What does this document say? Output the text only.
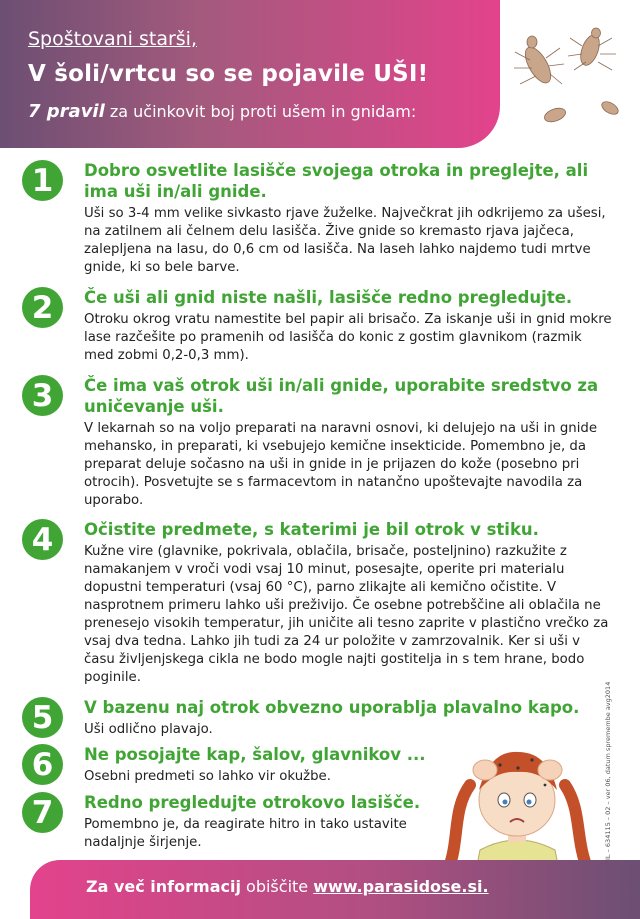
Spoštovani starši,
V šoli/vrtcu so se pojavile UŠI!
7 pravil za učinkovit boj proti ušem in gnidam:
1	Dobro osvetlite lasišče svojega otroka in preglejte, ali ima uši in/ali gnide.
Uši so 3-4 mm velike sivkasto rjave žuželke. Največkrat jih odkrijemo za ušesi, na zatilnem ali čelnem delu lasišča. Žive gnide so kremasto rjava jajčeca, zalepljena na lasu, do 0,6 cm od lasišča. Na laseh lahko najdemo tudi mrtve gnide, ki so bele barve.
2	Če uši ali gnid niste našli, lasišče redno pregledujte.
Otroku okrog vratu namestite bel papir ali brisačo. Za iskanje uši in gnid mokre lase razčešite po pramenih od lasišča do konic z gostim glavnikom (razmik med zobmi 0,2-0,3 mm).
3	Če ima vaš otrok uši in/ali gnide, uporabite sredstvo za uničevanje uši.
V lekarnah so na voljo preparati na naravni osnovi, ki delujejo na uši in gnide mehansko, in preparati, ki vsebujejo kemične insekticide. Pomembno je, da preparat deluje sočasno na uši in gnide in je prijazen do kože (posebno pri otrocih). Posvetujte se s farmacevtom in natančno upoštevajte navodila za uporabo.
4	Očistite predmete, s katerimi je bil otrok v stiku.
Kužne vire (glavnike, pokrivala, oblačila, brisače, posteljnino) razkužite z namakanjem v vroči vodi vsaj 10 minut, posesajte, operite pri materialu dopustni temperaturi (vsaj 60 °C), parno zlikajte ali kemično očistite. V nasprotnem primeru lahko uši preživijo. Če osebne potrebščine ali oblačila ne prenesejo visokih temperatur, jih uničite ali tesno zaprite v plastično vrečko za vsaj dva tedna. Lahko jih tudi za 24 ur položite v zamrzovalnik. Ker si uši v času življenjskega cikla ne bodo mogle najti gostitelja in s tem hrane, bodo poginile.
5	V bazenu naj otrok obvezno uporablja plavalno kapo.
Uši odlično plavajo.
6	Ne posojajte kap, šalov, glavnikov ...
Osebni predmeti so lahko vir okužbe.
7	Redno pregledujte otrokovo lasišče.
Pomembno je, da reagirate hitro in tako ustavite nadaljnje širjenje.	IL – 634115 – 02 – ver 06, datum spremembe avg2014
Za več informacij obiščite www.parasidose.si.
